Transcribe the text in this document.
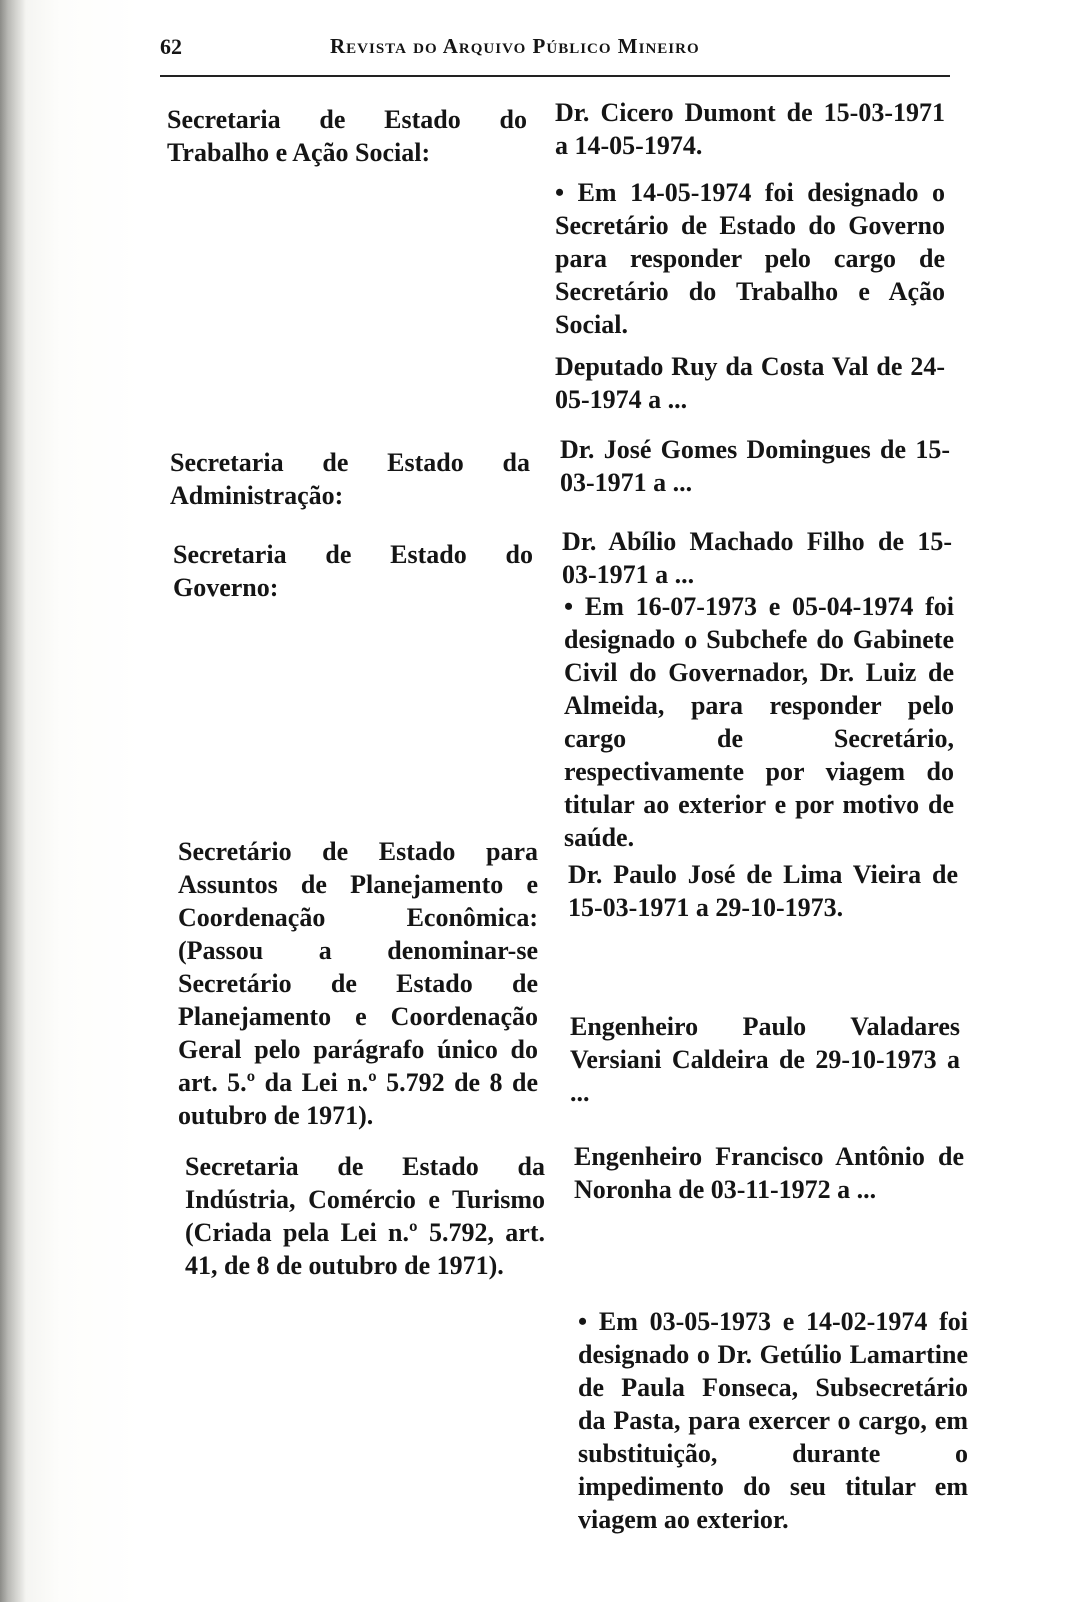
62	Revista do Arquivo Público Mineiro

Secretaria de Estado do Trabalho e Ação Social:

Dr. Cicero Dumont de 15-03-1971 a 14-05-1974.

• Em 14-05-1974 foi designado o Secretário de Estado do Governo para responder pelo cargo de Secretário do Trabalho e Ação Social.

Deputado Ruy da Costa Val de 24-05-1974 a ...

Secretaria de Estado da Administração:

Dr. José Gomes Domingues de 15-03-1971 a ...

Secretaria de Estado do Governo:

Dr. Abílio Machado Filho de 15-03-1971 a ...

• Em 16-07-1973 e 05-04-1974 foi designado o Subchefe do Gabinete Civil do Governador, Dr. Luiz de Almeida, para responder pelo cargo de Secretário, respectivamente por viagem do titular ao exterior e por motivo de saúde.

Secretário de Estado para Assuntos de Planejamento e Coordenação Econômica: (Passou a denominar-se Secretário de Estado de Planejamento e Coordenação Geral pelo parágrafo único do art. 5.º da Lei n.º 5.792 de 8 de outubro de 1971).

Dr. Paulo José de Lima Vieira de 15-03-1971 a 29-10-1973.

Engenheiro Paulo Valadares Versiani Caldeira de 29-10-1973 a ...

Secretaria de Estado da Indústria, Comércio e Turismo (Criada pela Lei n.º 5.792, art. 41, de 8 de outubro de 1971).

Engenheiro Francisco Antônio de Noronha de 03-11-1972 a ...

• Em 03-05-1973 e 14-02-1974 foi designado o Dr. Getúlio Lamartine de Paula Fonseca, Subsecretário da Pasta, para exercer o cargo, em substituição, durante o impedimento do seu titular em viagem ao exterior.
